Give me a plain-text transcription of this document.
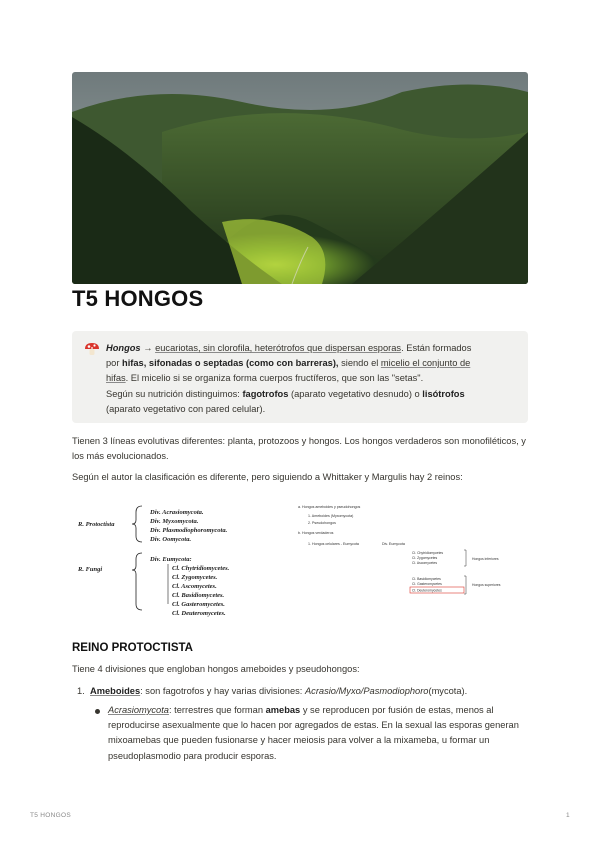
T5 HONGOS
Hongos → eucariotas, sin clorofila, heterótrofos que dispersan esporas. Están formados
por hifas, sifonadas o septadas (como con barreras), siendo el micelio el conjunto de
hifas. El micelio si se organiza forma cuerpos fructíferos, que son las "setas".
Según su nutrición distinguimos: fagotrofos (aparato vegetativo desnudo) o lisótrofos
(aparato vegetativo con pared celular).

Tienen 3 líneas evolutivas diferentes: planta, protozoos y hongos. Los hongos verdaderos son monofiléticos, y los más evolucionados.

Según el autor la clasificación es diferente, pero siguiendo a Whittaker y Margulis hay 2 reinos:

R. Protoctista
Div. Acrasiomycota.
Div. Myxomycota.
Div. Plasmodiophoromycota.
Div. Oomycota.
R. Fungi
Div. Eumycota:
Cl. Chytridiomycetes.
Cl. Zygomycetes.
Cl. Ascomycetes.
Cl. Basidiomycetes.
Cl. Gasteromycetes.
Cl. Deuteromycetes.
a. Hongos ameboides y pseudohongos
1. Ameboides (Myxomycota)
2. Pseudohongos
b. Hongos verdaderos
1. Hongos celulares - Eumycota	Div. Eumycota
Cl. Chytridiomycetes
Cl. Zygomycetes
Cl. Ascomycetes
Hongos inferiores
Cl. Basidiomycetes
Cl. Gasteromycetes
Cl. Deuteromycetes
Hongos superiores
REINO PROTOCTISTA

Tiene 4 divisiones que engloban hongos ameboides y pseudohongos:

1. Ameboides: son fagotrofos y hay varias divisiones: Acrasio/Myxo/Pasmodiophoro(mycota).
Acrasiomycota: terrestres que forman amebas y se reproducen por fusión de estas, menos al reproducirse asexualmente que lo hacen por agregados de estas. En la sexual las esporas generan mixoamebas que pueden fusionarse y hacer meiosis para volver a la mixameba, u formar un pseudoplasmodio para producir esporas.
T5 HONGOS	1
